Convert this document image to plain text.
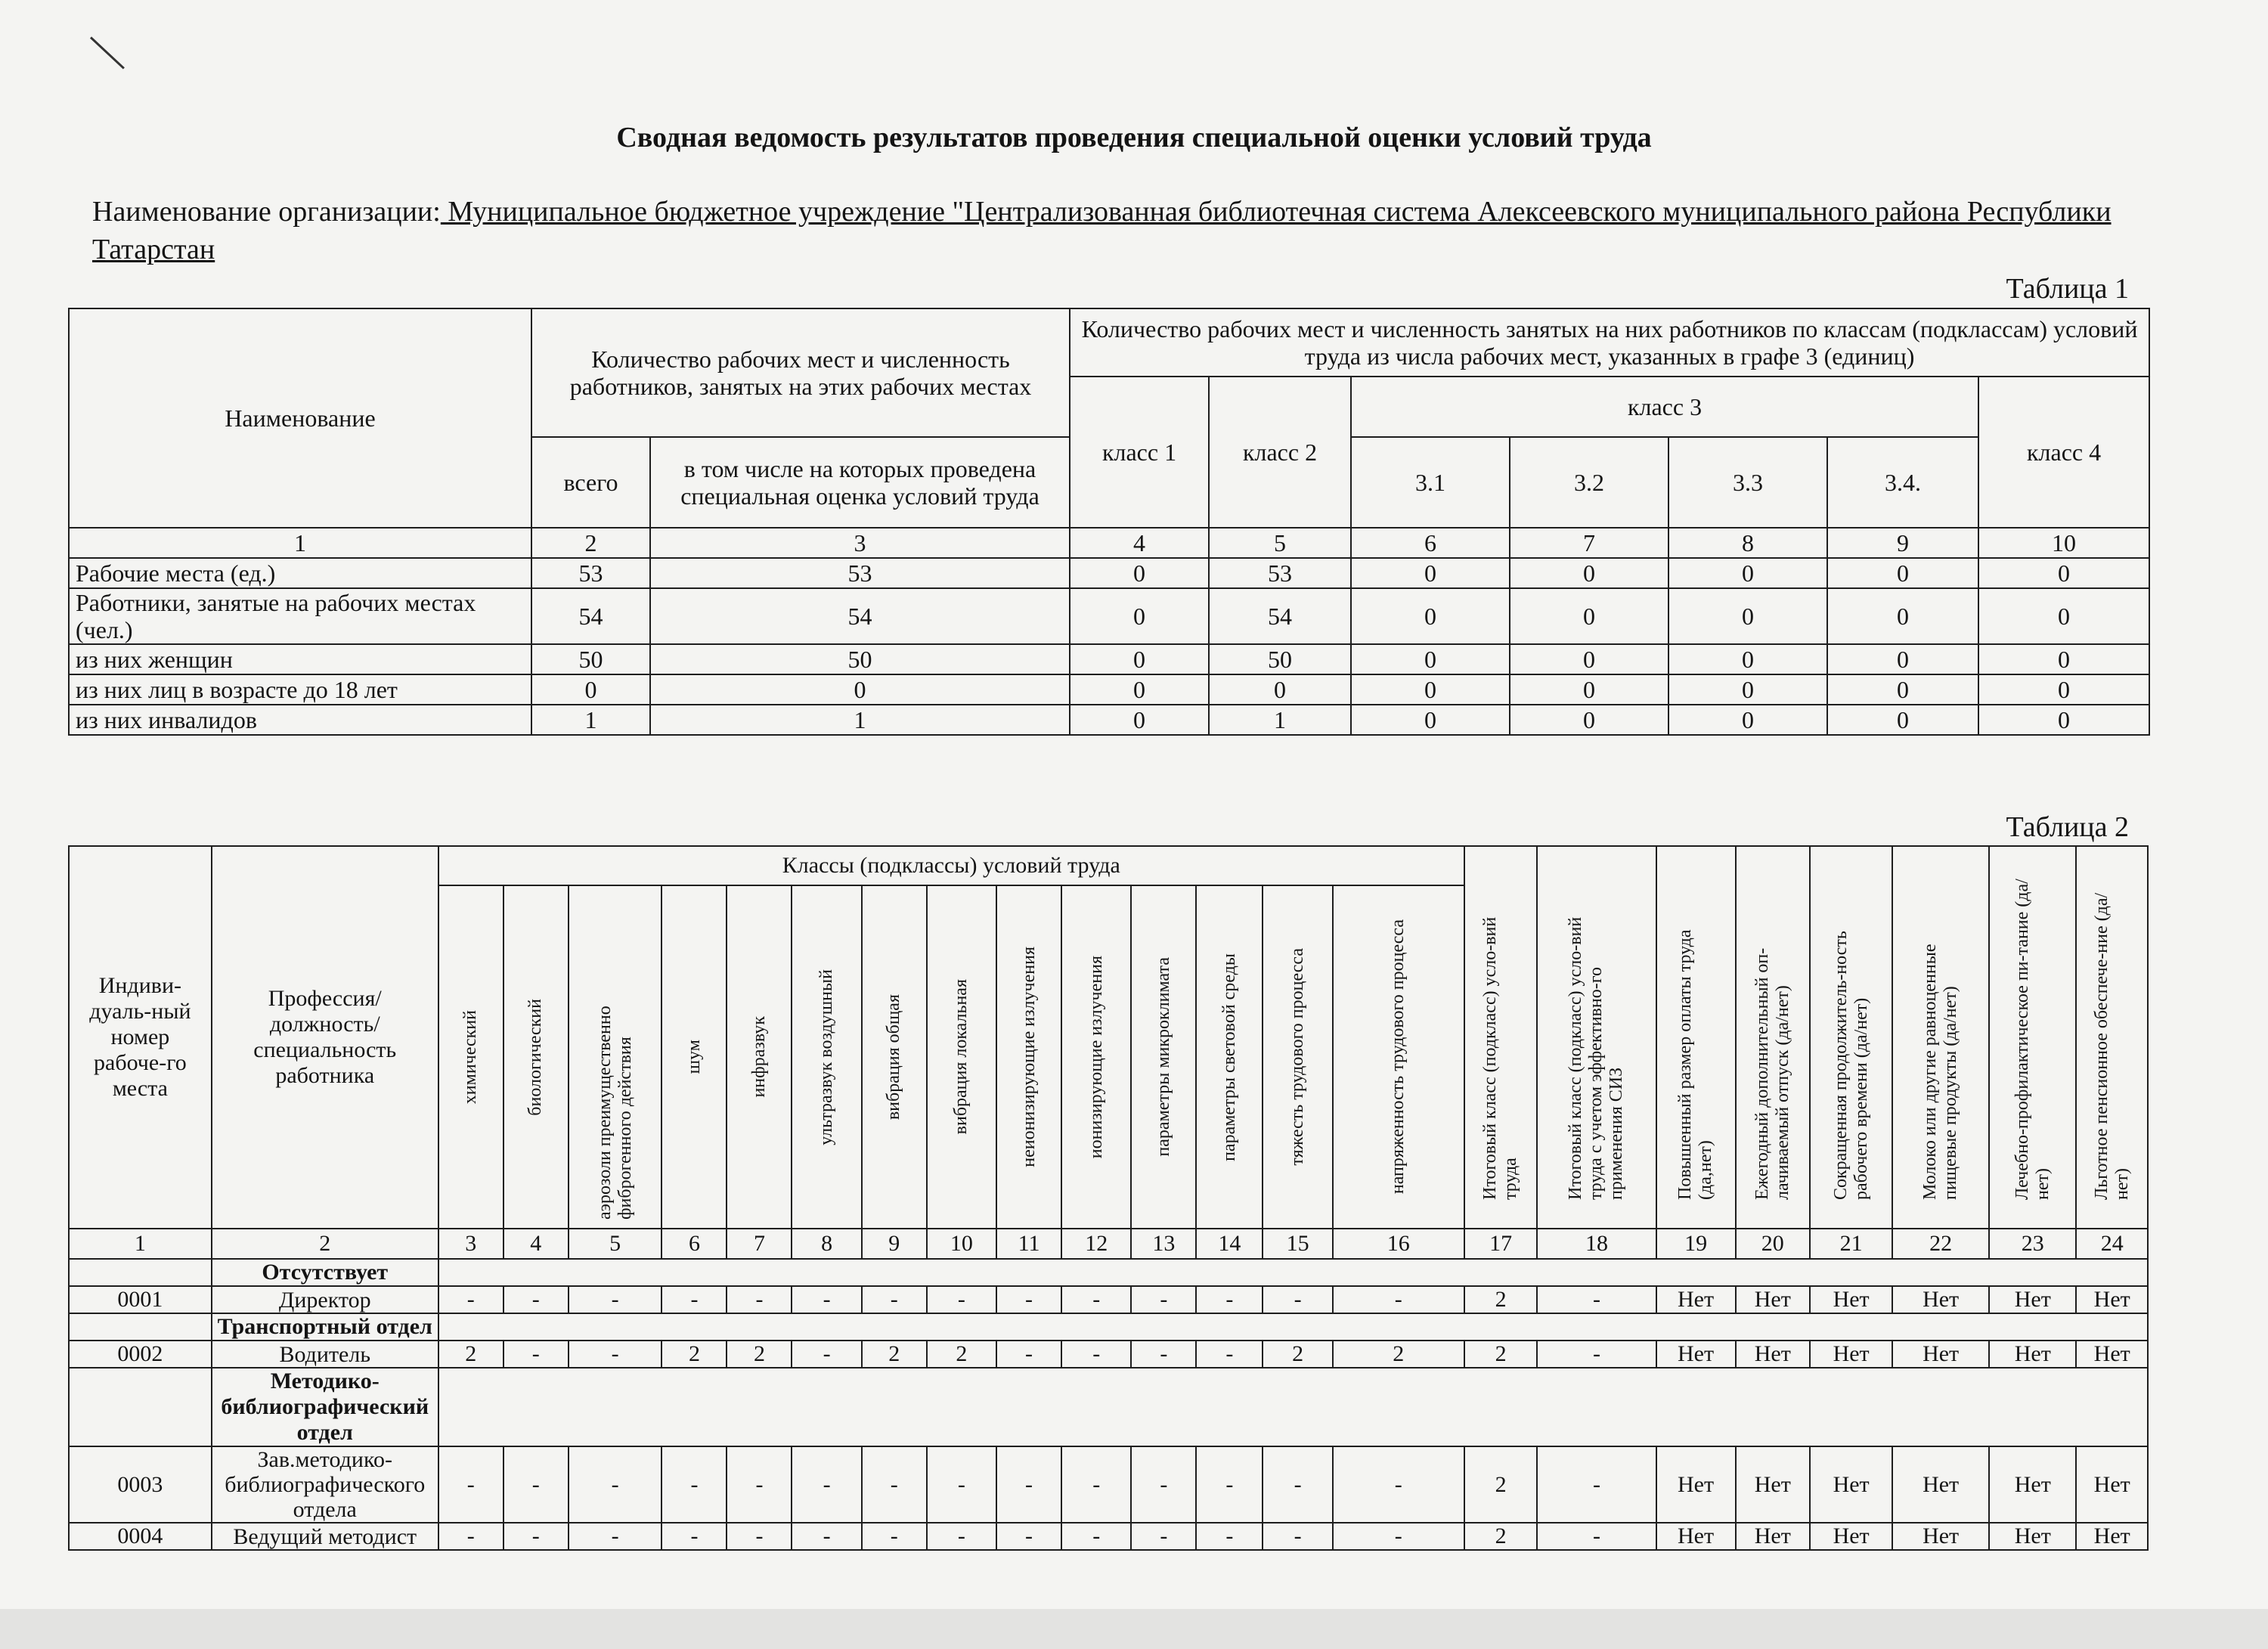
Сводная ведомость результатов проведения специальной оценки условий труда
Наименование организации: Муниципальное бюджетное учреждение "Централизованная библиотечная система Алексеевского муниципального района Республики Татарстан
Таблица 1
Наименование	Количество рабочих мест и численность работников, занятых на этих рабочих местах		Количество рабочих мест и численность занятых на них работников по классам (подклассам) условий труда из числа рабочих мест, указанных в графе 3 (единиц)						
			класс 1	класс 2	класс 3				класс 4
	всего	в том числе на которых проведена специальная оценка условий труда			3.1	3.2	3.3	3.4.	
1	2	3	4	5	6	7	8	9	10
Рабочие места (ед.)	53	53	0	53	0	0	0	0	0
Работники, занятые на рабочих местах (чел.)	54	54	0	54	0	0	0	0	0
из них женщин	50	50	0	50	0	0	0	0	0
из них лиц в возрасте до 18 лет	0	0	0	0	0	0	0	0	0
из них инвалидов	1	1	0	1	0	0	0	0	0
Таблица 2
Индиви-дуаль-ный номер рабоче-го места	Профессия/ должность/ специальность работника	Классы (подклассы) условий труда														Итоговый класс (подкласс) усло-вий труда	Итоговый класс (подкласс) усло-вий труда с учетом эффективно-го применения СИЗ	Повышенный размер оплаты труда (да,нет)	Ежегодный дополнительный оп-лачиваемый отпуск (да/нет)	Сокращенная продолжитель-ность рабочего времени (да/нет)	Молоко или другие равноценные пищевые продукты (да/нет)	Лечебно-профилактическое пи-тание (да/нет)	Льготное пенсионное обеспече-ние (да/нет)

		химический	биологический	аэрозоли преимущественно фиброгенного действия	шум	инфразвук	ультразвук воздушный	вибрация общая	вибрация локальная	неионизирующие излучения	ионизирующие излучения	параметры микроклимата	параметры световой среды	тяжесть трудового процесса	напряженность трудового процесса								

1	2	3	4	5	6	7	8	9	10	11	12	13	14	15	16	17	18	19	20	21	22	23	24
	Отсутствует																						
0001	Директор	-	-	-	-	-	-	-	-	-	-	-	-	-	-	2	-	Нет	Нет	Нет	Нет	Нет	Нет
	Транспортный отдел																						
0002	Водитель	2	-	-	2	2	-	2	2	-	-	-	-	2	2	2	-	Нет	Нет	Нет	Нет	Нет	Нет
	Методико-библиографический отдел																						
0003	Зав.методико-библиографического отдела	-	-	-	-	-	-	-	-	-	-	-	-	-	-	2	-	Нет	Нет	Нет	Нет	Нет	Нет
0004	Ведущий методист	-	-	-	-	-	-	-	-	-	-	-	-	-	-	2	-	Нет	Нет	Нет	Нет	Нет	Нет
